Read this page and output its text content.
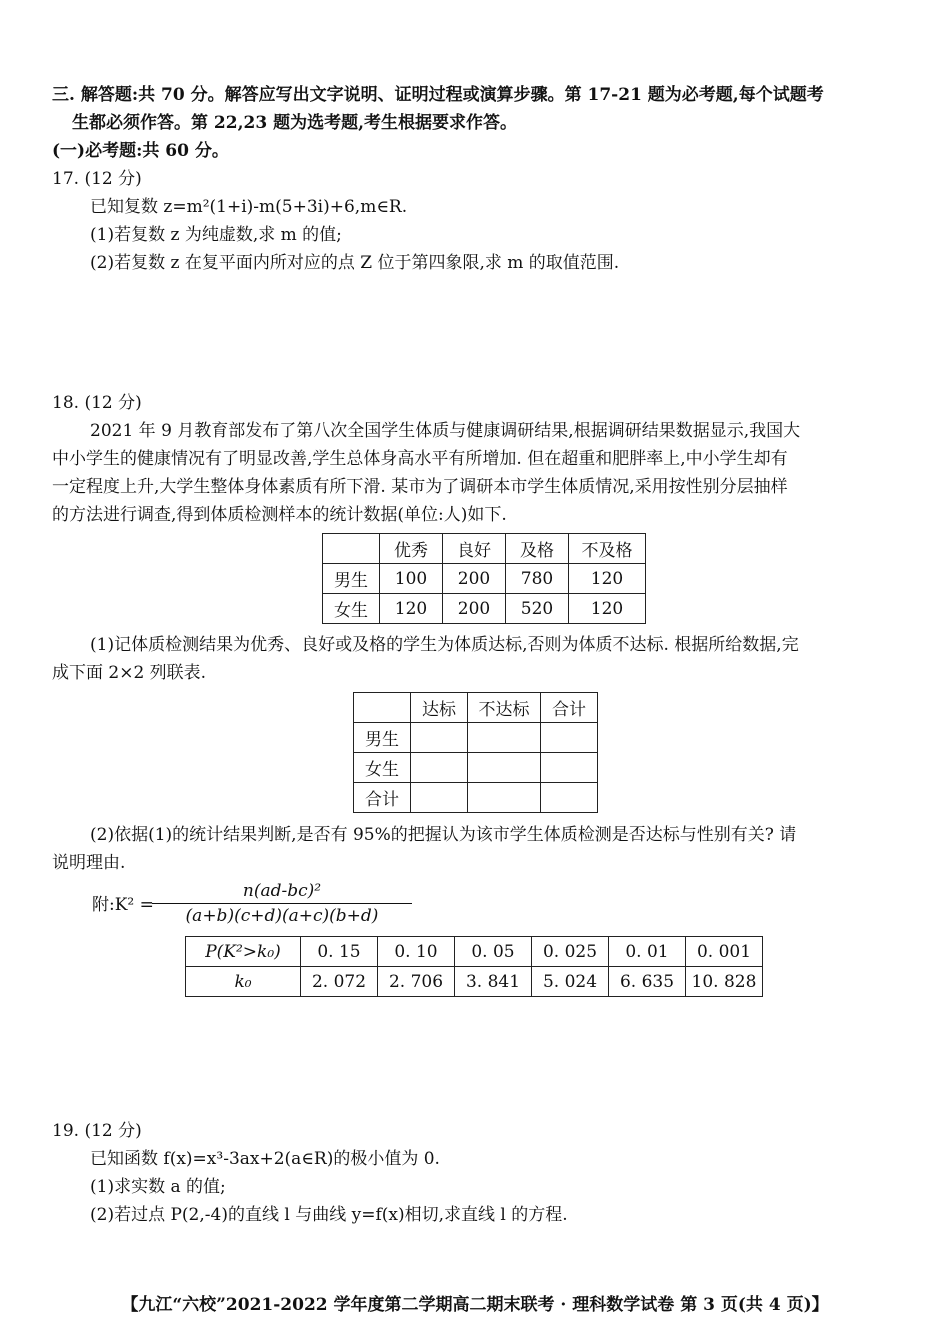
三. 解答题:共 70 分。解答应写出文字说明、证明过程或演算步骤。第 17-21 题为必考题,每个试题考
生都必须作答。第 22,23 题为选考题,考生根据要求作答。
(一)必考题:共 60 分。
17. (12 分)
已知复数 z=m²(1+i)-m(5+3i)+6,m∈R.
(1)若复数 z 为纯虚数,求 m 的值;
(2)若复数 z 在复平面内所对应的点 Z 位于第四象限,求 m 的取值范围.
18. (12 分)
2021 年 9 月教育部发布了第八次全国学生体质与健康调研结果,根据调研结果数据显示,我国大
中小学生的健康情况有了明显改善,学生总体身高水平有所增加. 但在超重和肥胖率上,中小学生却有
一定程度上升,大学生整体身体素质有所下滑. 某市为了调研本市学生体质情况,采用按性别分层抽样
的方法进行调查,得到体质检测样本的统计数据(单位:人)如下.
	优秀	良好	及格	不及格
男生	100	200	780	120
女生	120	200	520	120
(1)记体质检测结果为优秀、良好或及格的学生为体质达标,否则为体质不达标. 根据所给数据,完
成下面 2×2 列联表.
	达标	不达标	合计
男生			
女生			
合计			
(2)依据(1)的统计结果判断,是否有 95%的把握认为该市学生体质检测是否达标与性别有关? 请
说明理由.
附:K² =
n(ad-bc)²
(a+b)(c+d)(a+c)(b+d)
P(K²>k₀)	0. 15	0. 10	0. 05	0. 025	0. 01	0. 001
k₀	2. 072	2. 706	3. 841	5. 024	6. 635	10. 828
19. (12 分)
已知函数 f(x)=x³-3ax+2(a∈R)的极小值为 0.
(1)求实数 a 的值;
(2)若过点 P(2,-4)的直线 l 与曲线 y=f(x)相切,求直线 l 的方程.
【九江“六校”2021-2022 学年度第二学期高二期末联考 · 理科数学试卷 第 3 页(共 4 页)】
